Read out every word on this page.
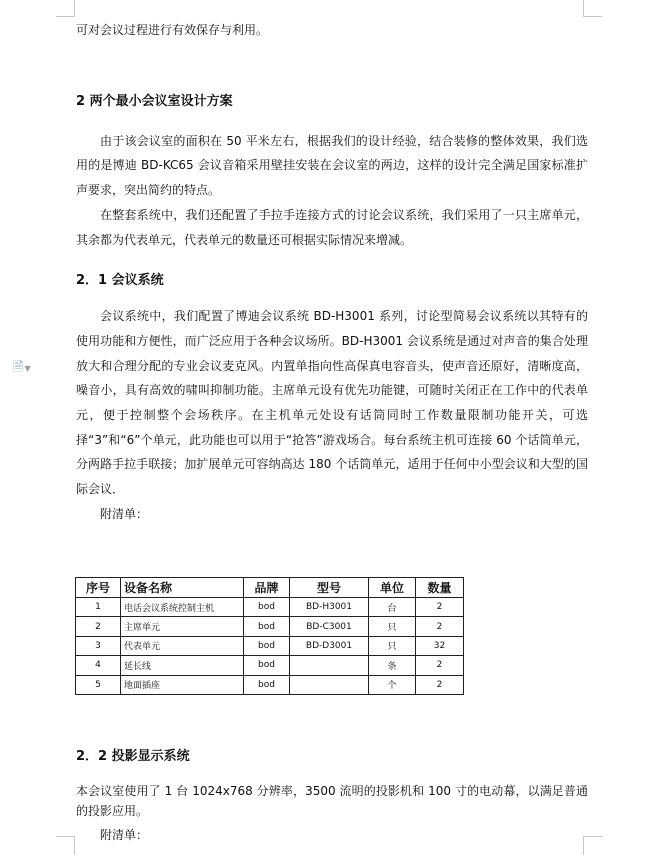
🗎▼

可对会议过程进行有效保存与利用。

2 两个最小会议室设计方案

由于该会议室的面积在 50 平米左右，根据我们的设计经验，结合装修的整体效果，我们选用的是博迪 BD-KC65 会议音箱采用壁挂安装在会议室的两边，这样的设计完全满足国家标准扩声要求，突出简约的特点。

在整套系统中，我们还配置了手拉手连接方式的讨论会议系统，我们采用了一只主席单元，其余都为代表单元，代表单元的数量还可根据实际情况来增减。

2．1 会议系统

会议系统中，我们配置了博迪会议系统 BD-H3001 系列，讨论型简易会议系统以其特有的使用功能和方便性，而广泛应用于各种会议场所。BD-H3001 会议系统是通过对声音的集合处理放大和合理分配的专业会议麦克风。内置单指向性高保真电容音头，使声音还原好，清晰度高，噪音小，具有高效的啸叫抑制功能。主席单元设有优先功能键，可随时关闭正在工作中的代表单元，便于控制整个会场秩序。在主机单元处设有话筒同时工作数量限制功能开关，可选择“3”和“6”个单元，此功能也可以用于“抢答”游戏场合。每台系统主机可连接 60 个话筒单元，分两路手拉手联接；加扩展单元可容纳高达 180 个话筒单元，适用于任何中小型会议和大型的国际会议．

附清单：

序号	设备名称	品牌	型号	单位	数量
1	电话会议系统控制主机	bod	BD-H3001	台	2
2	主席单元	bod	BD-C3001	只	2
3	代表单元	bod	BD-D3001	只	32
4	延长线	bod		条	2
5	地面插座	bod		个	2

2．2 投影显示系统

本会议室使用了 1 台 1024x768 分辨率，3500 流明的投影机和 100 寸的电动幕，以满足普通的投影应用。

附清单：
